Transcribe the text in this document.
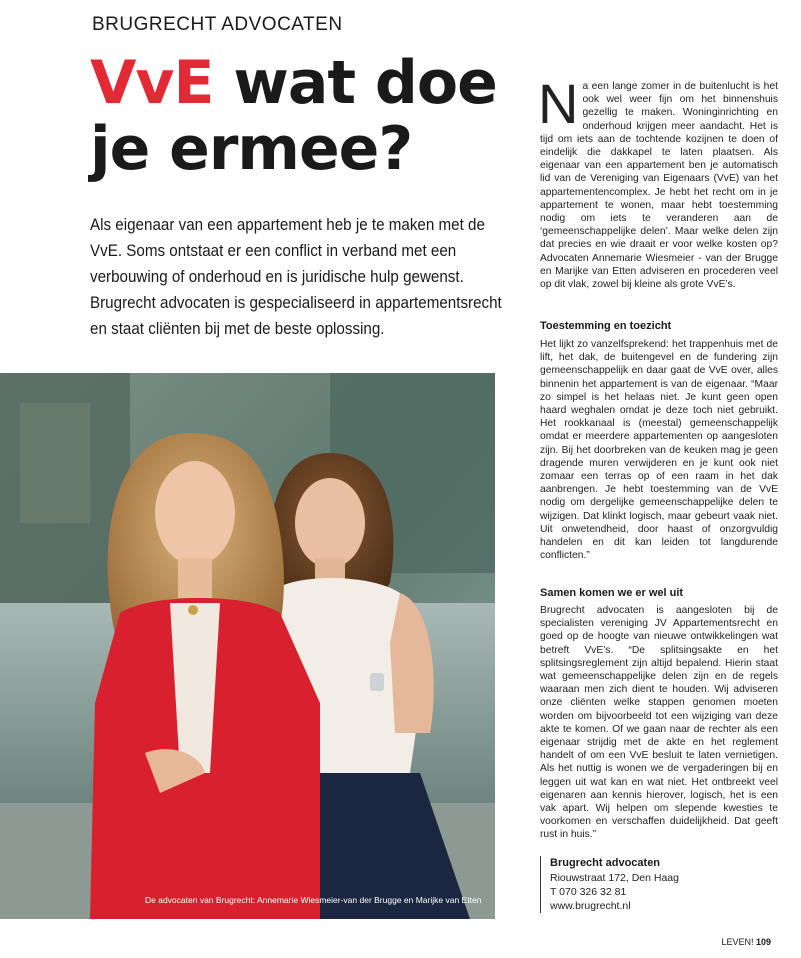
BRUGRECHT ADVOCATEN
VvE wat doe
je ermee?
Als eigenaar van een appartement heb je te maken met de VvE. Soms ontstaat er een conflict in verband met een verbouwing of onderhoud en is juridische hulp gewenst. Brugrecht advocaten is gespecialiseerd in appartementsrecht en staat cliënten bij met de beste oplossing.
De advocaten van Brugrecht: Annemarie Wiesmeier-van der Brugge en Marijke van Etten
Na een lange zomer in de buitenlucht is het ook wel weer fijn om het binnenshuis gezellig te maken. Woninginrichting en onderhoud krijgen meer aandacht. Het is tijd om iets aan de tochtende kozijnen te doen of eindelijk die dakkapel te laten plaatsen. Als eigenaar van een appartement ben je automatisch lid van de Vereniging van Eigenaars (VvE) van het appartementencomplex. Je hebt het recht om in je appartement te wonen, maar hebt toestemming nodig om iets te veranderen aan de ‘gemeenschappelijke delen’. Maar welke delen zijn dat precies en wie draait er voor welke kosten op? Advocaten Annemarie Wiesmeier - van der Brugge en Marijke van Etten adviseren en procederen veel op dit vlak, zowel bij kleine als grote VvE’s.
Toestemming en toezicht
Het lijkt zo vanzelfsprekend: het trappenhuis met de lift, het dak, de buitengevel en de fundering zijn gemeenschappelijk en daar gaat de VvE over, alles binnenin het appartement is van de eigenaar. “Maar zo simpel is het helaas niet. Je kunt geen open haard weghalen omdat je deze toch niet gebruikt. Het rookkanaal is (meestal) gemeenschappelijk omdat er meerdere appartementen op aangesloten zijn. Bij het doorbreken van de keuken mag je geen dragende muren verwijderen en je kunt ook niet zomaar een terras op of een raam in het dak aanbrengen. Je hebt toestemming van de VvE nodig om dergelijke gemeenschappelijke delen te wijzigen. Dat klinkt logisch, maar gebeurt vaak niet. Uit onwetendheid, door haast of onzorgvuldig handelen en dit kan leiden tot langdurende conflicten.”
Samen komen we er wel uit
Brugrecht advocaten is aangesloten bij de specialisten vereniging JV Appartementsrecht en goed op de hoogte van nieuwe ontwikkelingen wat betreft VvE’s. “De splitsingsakte en het splitsingsreglement zijn altijd bepalend. Hierin staat wat gemeenschappelijke delen zijn en de regels waaraan men zich dient te houden. Wij adviseren onze cliënten welke stappen genomen moeten worden om bijvoorbeeld tot een wijziging van deze akte te komen. Of we gaan naar de rechter als een eigenaar strijdig met de akte en het reglement handelt of om een VvE besluit te laten vernietigen. Als het nuttig is wonen we de vergaderingen bij en leggen uit wat kan en wat niet. Het ontbreekt veel eigenaren aan kennis hierover, logisch, het is een vak apart. Wij helpen om slepende kwesties te voorkomen en verschaffen duidelijkheid. Dat geeft rust in huis.”
Brugrecht advocaten
Riouwstraat 172, Den Haag
T 070 326 32 81
www.brugrecht.nl
LEVEN! 109
